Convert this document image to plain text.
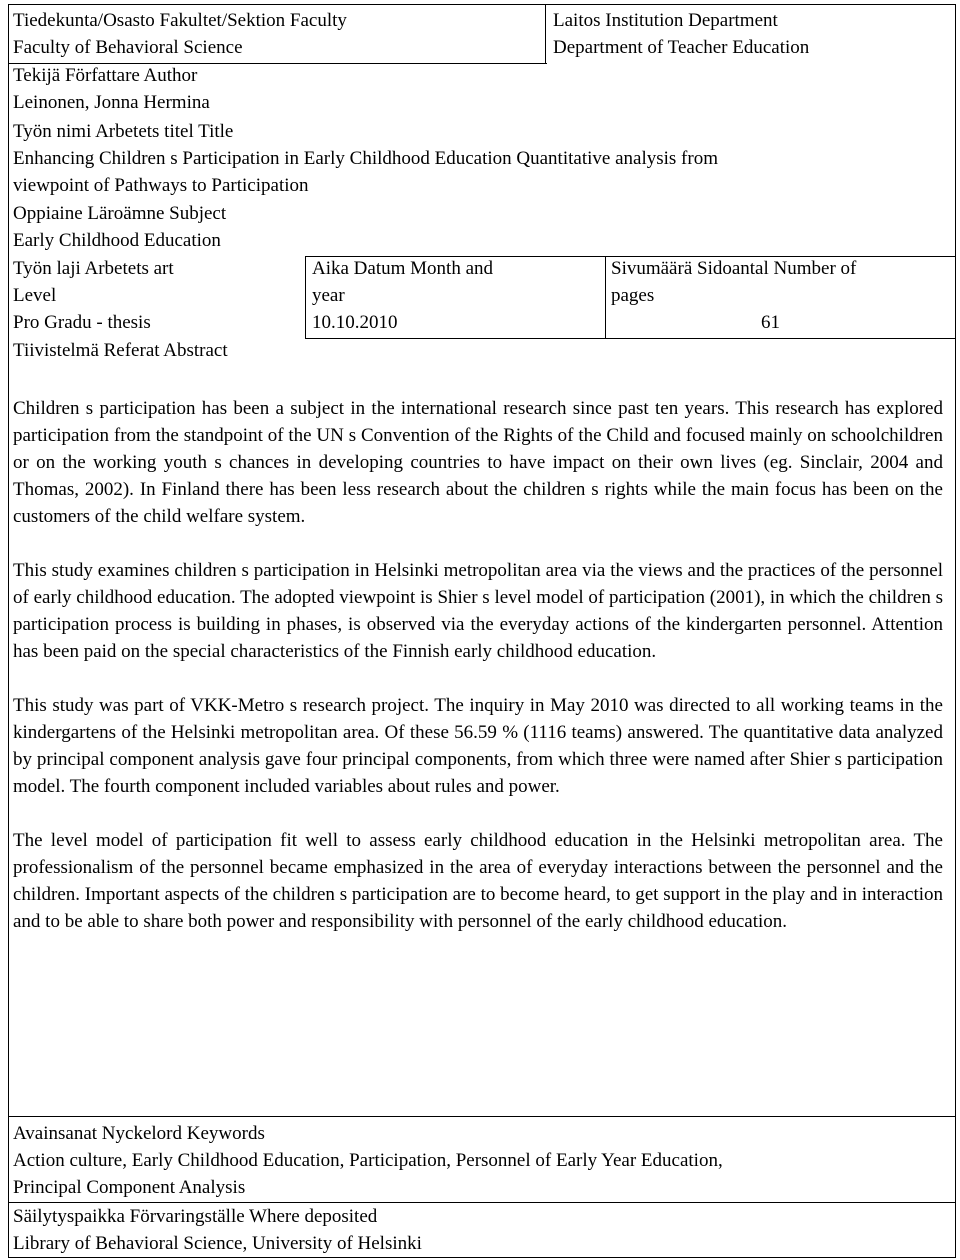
Tiedekunta/Osasto Fakultet/Sektion Faculty
Faculty of Behavioral Science
Laitos Institution Department
Department of Teacher Education
Tekijä Författare Author
Leinonen, Jonna Hermina
Työn nimi Arbetets titel Title
Enhancing Children s Participation in Early Childhood Education Quantitative analysis from
viewpoint of Pathways to Participation
Oppiaine Läroämne Subject
Early Childhood Education
Työn laji Arbetets art
Level
Pro Gradu - thesis
Aika Datum Month and
year
10.10.2010
Sivumäärä Sidoantal Number of
pages
61
Tiivistelmä Referat Abstract

Children s participation has been a subject in the international research since past ten years. This research has explored participation from the standpoint of the UN s Convention of the Rights of the Child and focused mainly on schoolchildren or on the working youth s chances in developing countries to have impact on their own lives (eg. Sinclair, 2004 and Thomas, 2002). In Finland there has been less research about the children s rights while the main focus has been on the customers of the child welfare system.

This study examines children s participation in Helsinki metropolitan area via the views and the practices of the personnel of early childhood education. The adopted viewpoint is Shier s level model of participation (2001), in which the children s participation process is building in phases, is observed via the everyday actions of the kindergarten personnel. Attention has been paid on the special characteristics of the Finnish early childhood education.

This study was part of VKK-Metro s research project. The inquiry in May 2010 was directed to all working teams in the kindergartens of the Helsinki metropolitan area. Of these 56.59 % (1116 teams) answered. The quantitative data analyzed by principal component analysis gave four principal components, from which three were named after Shier s participation model. The fourth component included variables about rules and power.

The level model of participation fit well to assess early childhood education in the Helsinki metropolitan area. The professionalism of the personnel became emphasized in the area of everyday interactions between the personnel and the children. Important aspects of the children s participation are to become heard, to get support in the play and in interaction and to be able to share both power and responsibility with personnel of the early childhood education.

Avainsanat Nyckelord Keywords
Action culture, Early Childhood Education, Participation, Personnel of Early Year Education,
Principal Component Analysis
Säilytyspaikka Förvaringställe Where deposited
Library of Behavioral Science, University of Helsinki
